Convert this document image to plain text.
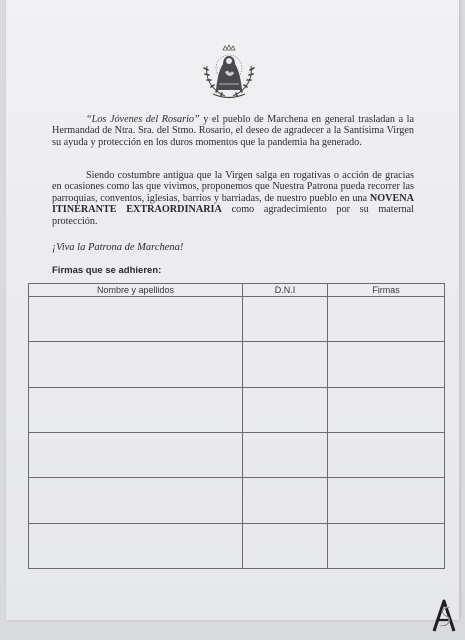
“Los Jóvenes del Rosario” y el pueblo de Marchena en general trasladan a la Hermandad de Ntra. Sra. del Stmo. Rosario, el deseo de agradecer a la Santísima Virgen su ayuda y protección en los duros momentos que la pandemia ha generado.

Siendo costumbre antigua que la Virgen salga en rogativas o acción de gracias en ocasiones como las que vivimos, proponemos que Nuestra Patrona pueda recorrer las parroquias, conventos, iglesias, barrios y barriadas, de nuestro pueblo en una NOVENA ITINERANTE EXTRAORDINARIA como agradecimiento por su maternal protección.

¡Viva la Patrona de Marchena!

Firmas que se adhieren:

Nombre y apellidos	D.N.I	Firmas
